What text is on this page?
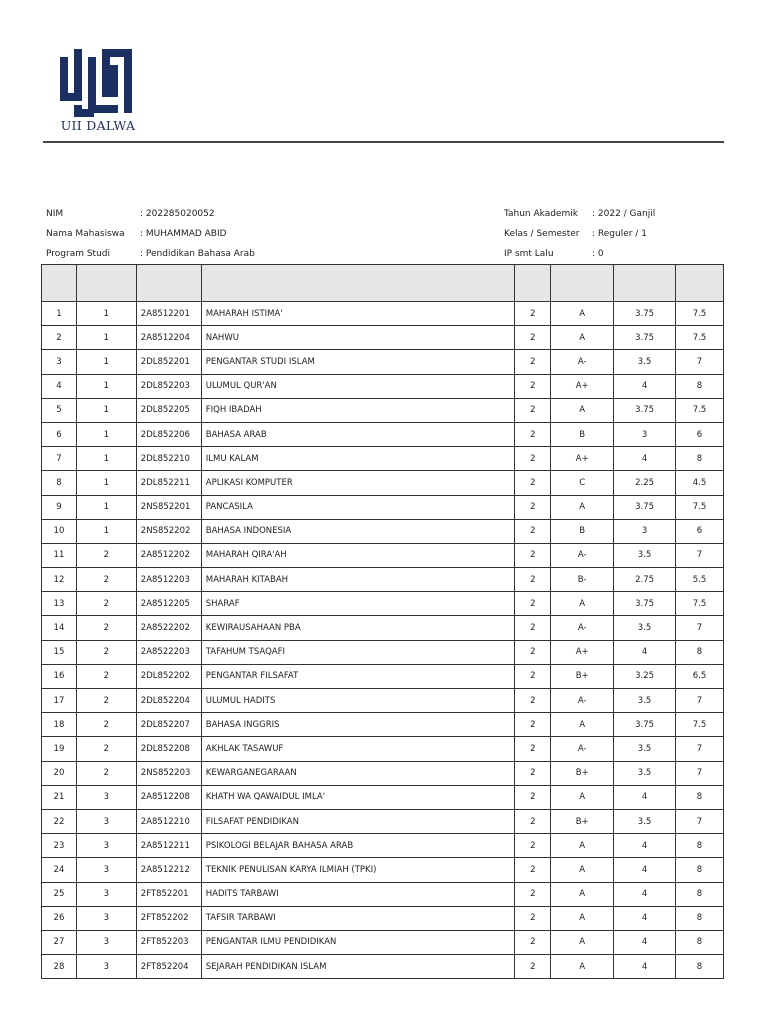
UII DALWA
NIM	: 202285020052
Nama Mahasiswa : MUHAMMAD ABID
Program Studi	: Pendidikan Bahasa Arab
Tahun Akademik : 2022 / Ganjil
Kelas / Semester : Reguler / 1
IP smt Lalu	: 0

1	1	2A8512201	MAHARAH ISTIMA'	2	A	3.75	7.5
2	1	2A8512204	NAHWU	2	A	3.75	7.5
3	1	2DL852201	PENGANTAR STUDI ISLAM	2	A-	3.5	7
4	1	2DL852203	ULUMUL QUR'AN	2	A+	4	8
5	1	2DL852205	FIQH IBADAH	2	A	3.75	7.5
6	1	2DL852206	BAHASA ARAB	2	B	3	6
7	1	2DL852210	ILMU KALAM	2	A+	4	8
8	1	2DL852211	APLIKASI KOMPUTER	2	C	2.25	4.5
9	1	2NS852201	PANCASILA	2	A	3.75	7.5
10	1	2NS852202	BAHASA INDONESIA	2	B	3	6
11	2	2A8512202	MAHARAH QIRA'AH	2	A-	3.5	7
12	2	2A8512203	MAHARAH KITABAH	2	B-	2.75	5.5
13	2	2A8512205	SHARAF	2	A	3.75	7.5
14	2	2A8522202	KEWIRAUSAHAAN PBA	2	A-	3.5	7
15	2	2A8522203	TAFAHUM TSAQAFI	2	A+	4	8
16	2	2DL852202	PENGANTAR FILSAFAT	2	B+	3.25	6.5
17	2	2DL852204	ULUMUL HADITS	2	A-	3.5	7
18	2	2DL852207	BAHASA INGGRIS	2	A	3.75	7.5
19	2	2DL852208	AKHLAK TASAWUF	2	A-	3.5	7
20	2	2NS852203	KEWARGANEGARAAN	2	B+	3.5	7
21	3	2A8512208	KHATH WA QAWAIDUL IMLA'	2	A	4	8
22	3	2A8512210	FILSAFAT PENDIDIKAN	2	B+	3.5	7
23	3	2A8512211	PSIKOLOGI BELAJAR BAHASA ARAB	2	A	4	8
24	3	2A8512212	TEKNIK PENULISAN KARYA ILMIAH (TPKI)	2	A	4	8
25	3	2FT852201	HADITS TARBAWI	2	A	4	8
26	3	2FT852202	TAFSIR TARBAWI	2	A	4	8
27	3	2FT852203	PENGANTAR ILMU PENDIDIKAN	2	A	4	8
28	3	2FT852204	SEJARAH PENDIDIKAN ISLAM	2	A	4	8
